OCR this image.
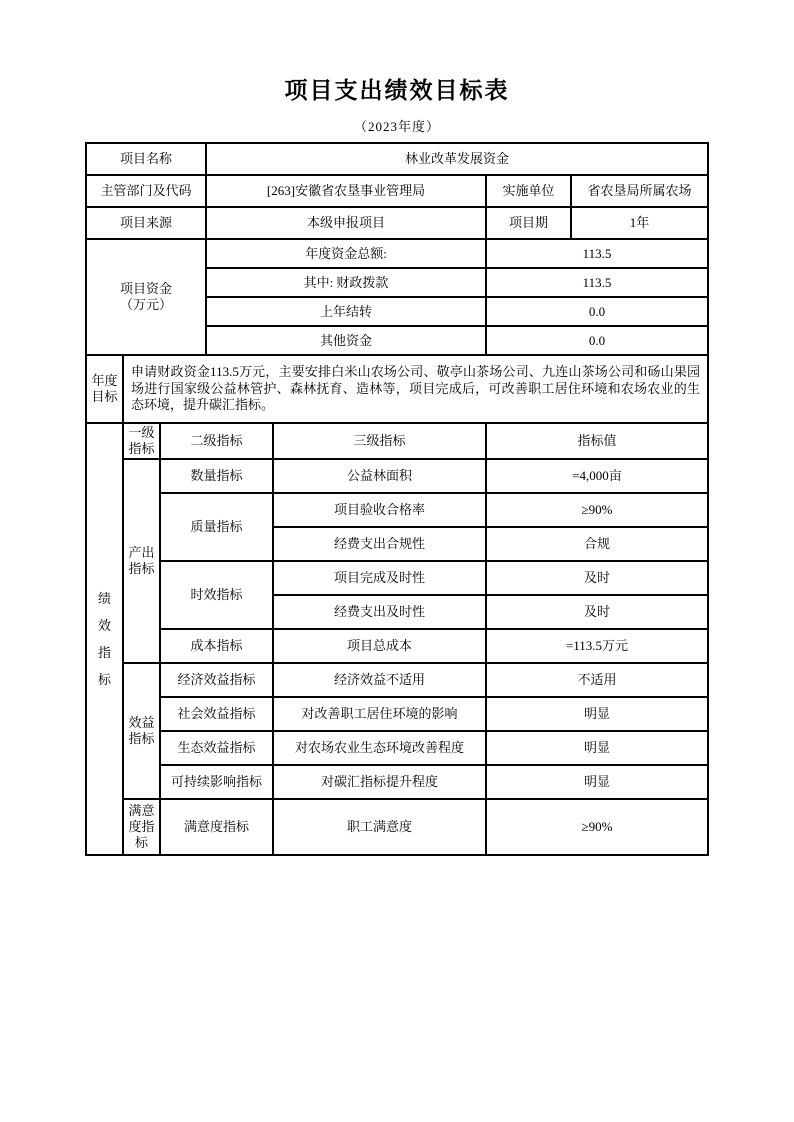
项目支出绩效目标表
（2023年度）
项目名称			林业改革发展资金			
主管部门及代码			[263]安徽省农垦事业管理局		实施单位	省农垦局所属农场
项目来源			本级申报项目		项目期	1年

项目资金
（万元）			年度资金总额:		113.5	
			其中: 财政拨款		113.5	
			上年结转		0.0	
			其他资金		0.0	
年度目标	申请财政资金113.5万元，主要安排白米山农场公司、敬亭山茶场公司、九连山茶场公司和砀山果园场进行国家级公益林管护、森林抚育、造林等，项目完成后，可改善职工居住环境和农场农业的生态环境，提升碳汇指标。					

绩效指标	一级指标	二级指标		三级指标	指标值	
	产出指标	数量指标		公益林面积	=4,000亩	
		质量指标		项目验收合格率	≥90%	
				经费支出合规性	合规	
		时效指标		项目完成及时性	及时	
				经费支出及时性	及时	
		成本指标		项目总成本	=113.5万元	
	效益指标	经济效益指标		经济效益不适用	不适用	
		社会效益指标		对改善职工居住环境的影响	明显	
		生态效益指标		对农场农业生态环境改善程度	明显	
		可持续影响指标		对碳汇指标提升程度	明显	
	满意度指标	满意度指标		职工满意度	≥90%	
